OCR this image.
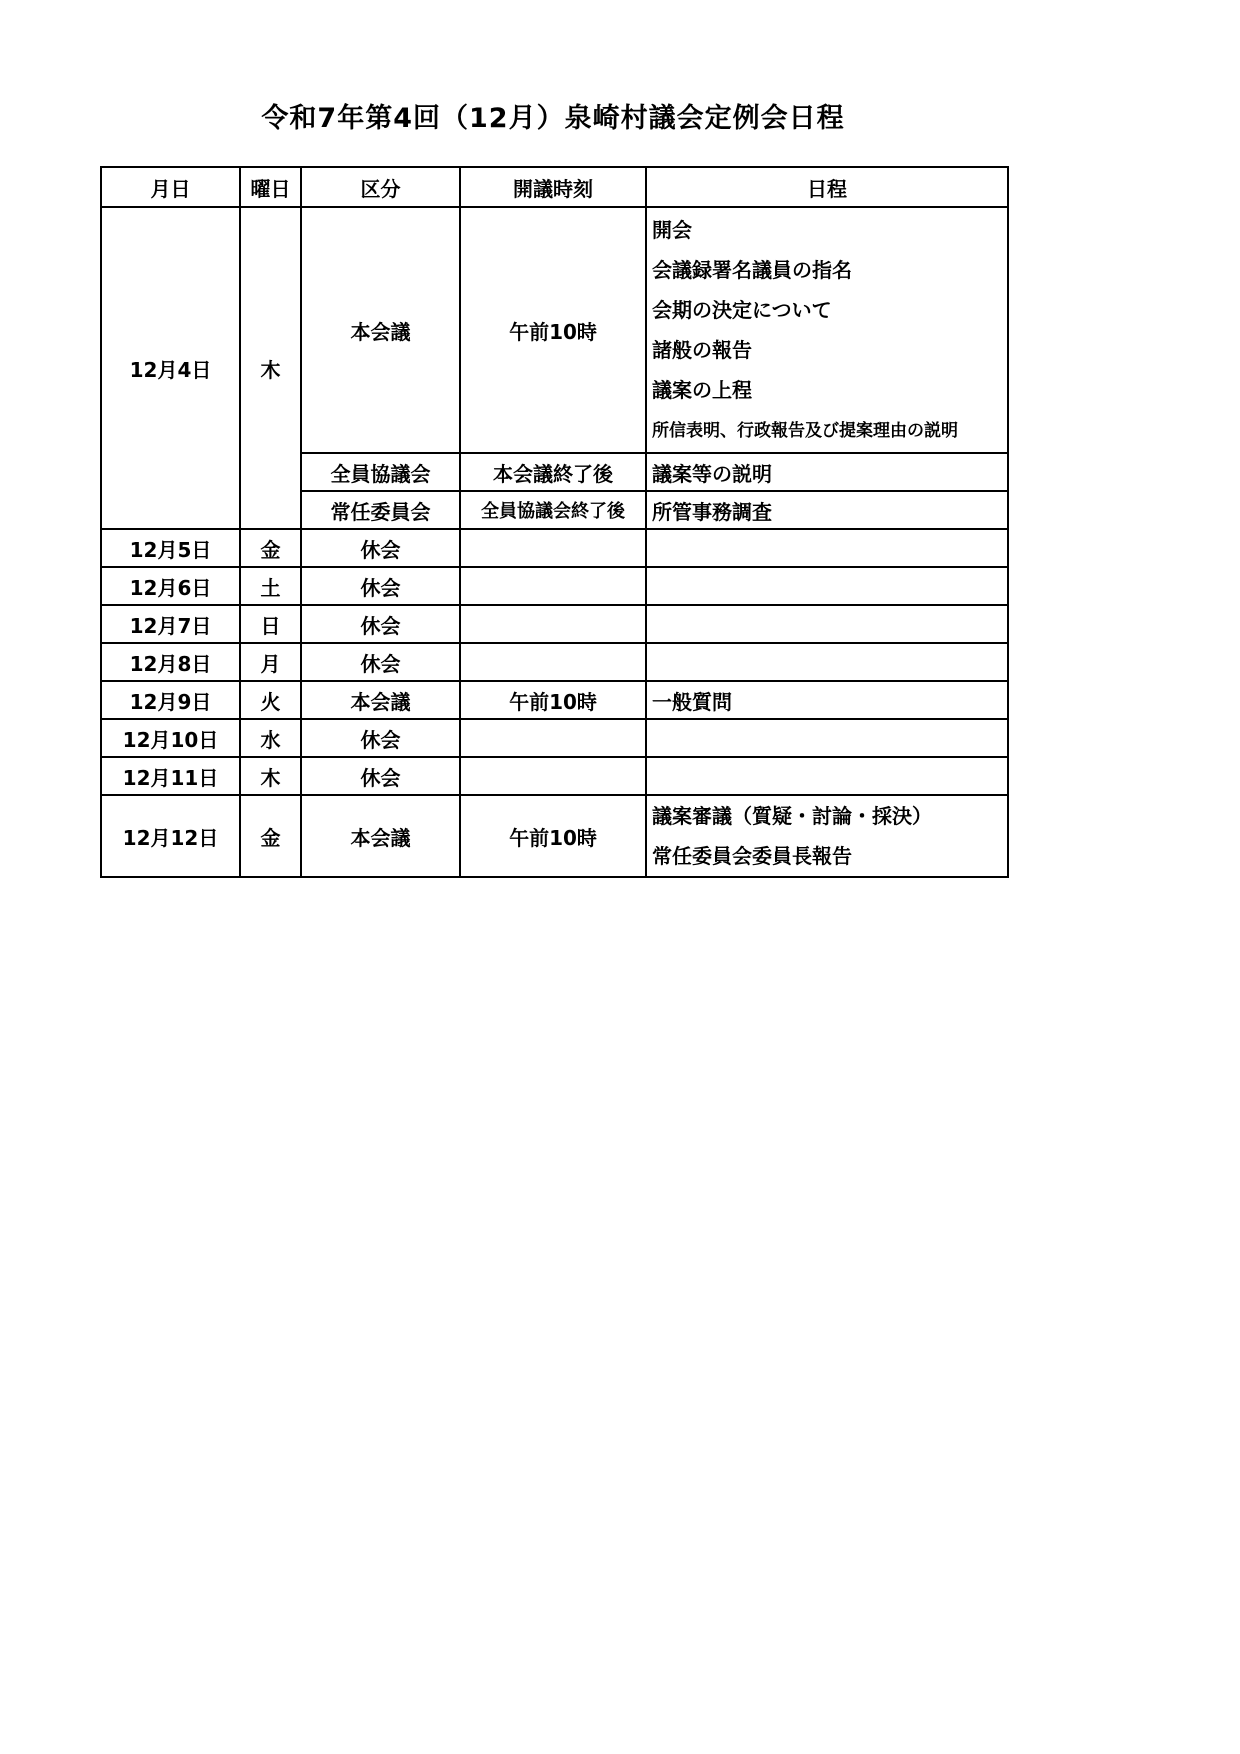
令和7年第4回（12月）泉崎村議会定例会日程
月日	曜日	区分	開議時刻	日程
12月4日	木	本会議	午前10時	
開会
会議録署名議員の指名
会期の決定について
諸般の報告
議案の上程
所信表明、行政報告及び提案理由の説明

		全員協議会	本会議終了後	議案等の説明
		常任委員会	全員協議会終了後	所管事務調査
12月5日	金	休会		
12月6日	土	休会		
12月7日	日	休会		
12月8日	月	休会		
12月9日	火	本会議	午前10時	一般質問
12月10日	水	休会		
12月11日	木	休会		
12月12日	金	本会議	午前10時	議案審議（質疑・討論・採決）
常任委員会委員長報告
